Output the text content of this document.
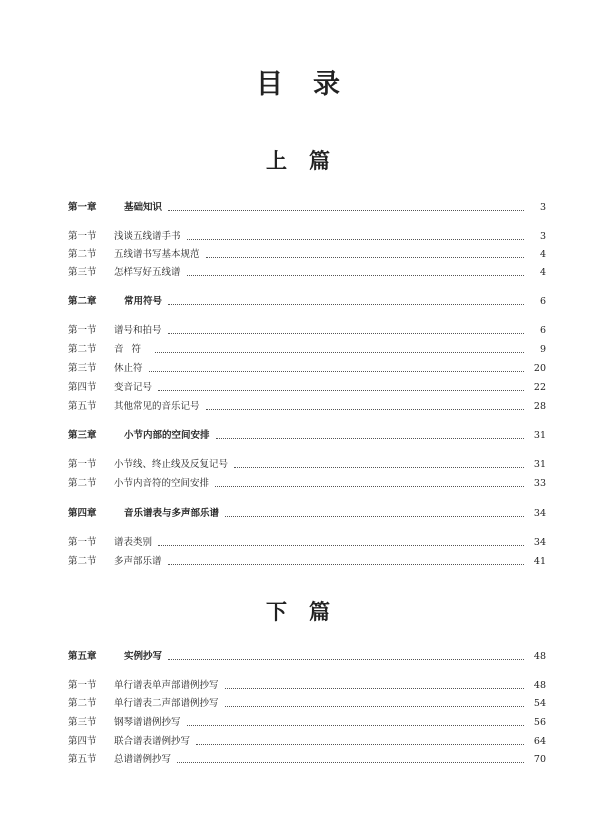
目录
上篇
第一章	基础知识	3
第一节	浅谈五线谱手书	3
第二节	五线谱书写基本规范	4
第三节	怎样写好五线谱	4
第二章	常用符号	6
第一节	谱号和拍号	6
第二节	音符	9
第三节	休止符	20
第四节	变音记号	22
第五节	其他常见的音乐记号	28
第三章	小节内部的空间安排	31
第一节	小节线、终止线及反复记号	31
第二节	小节内音符的空间安排	33
第四章	音乐谱表与多声部乐谱	34
第一节	谱表类别	34
第二节	多声部乐谱	41
下篇
第五章	实例抄写	48
第一节	单行谱表单声部谱例抄写	48
第二节	单行谱表二声部谱例抄写	54
第三节	钢琴谱谱例抄写	56
第四节	联合谱表谱例抄写	64
第五节	总谱谱例抄写	70
